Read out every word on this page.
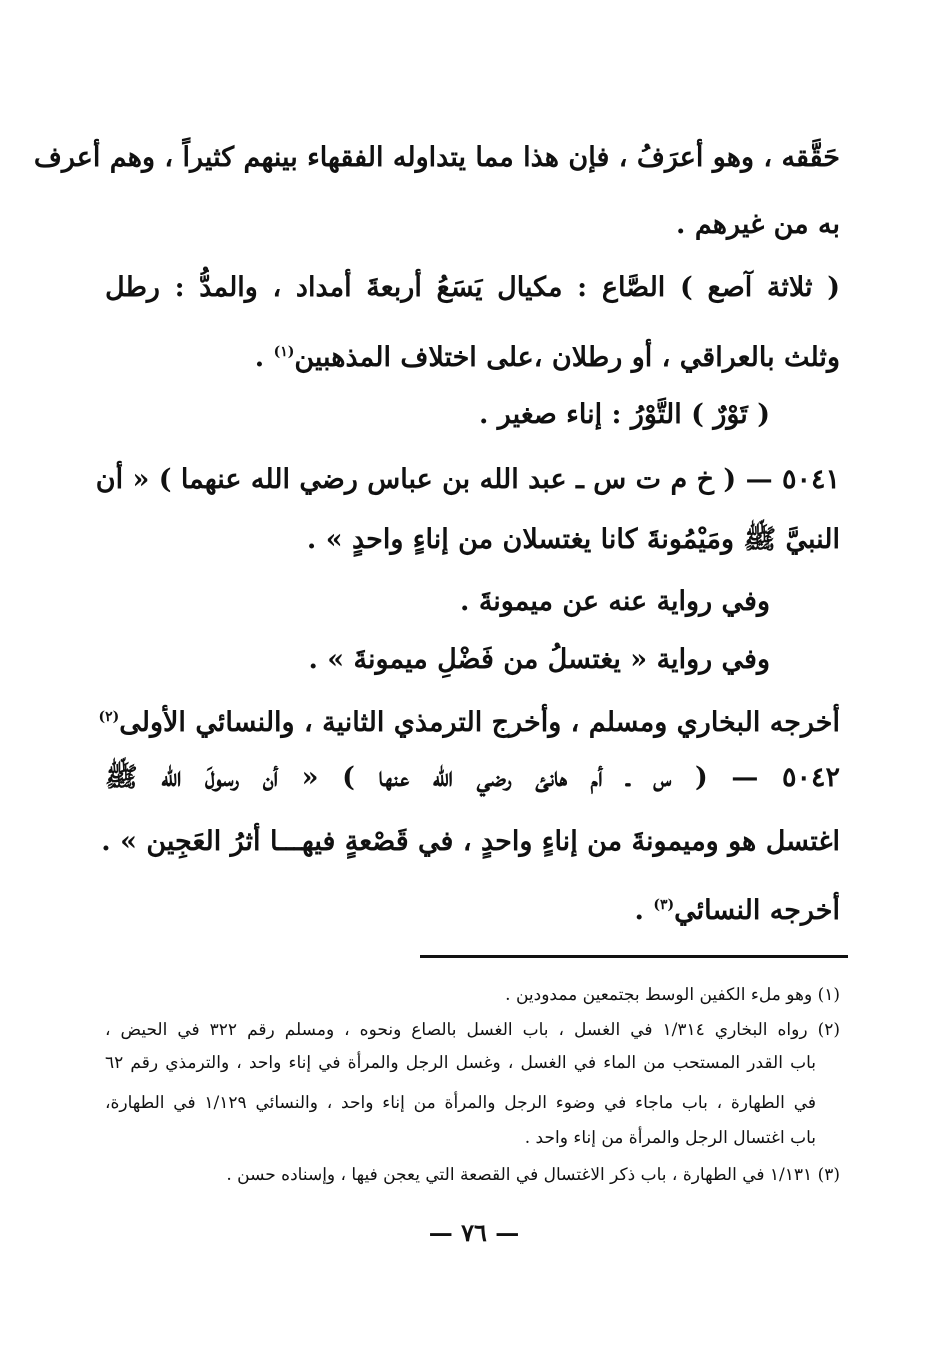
حَقَّقه ، وهو أعرَفُ ، فإن هذا مما يتداوله الفقهاء بينهم كثيراً ، وهم أعرف
به من غيرهم .
( ثلاثة آصع ) الصَّاع : مكيال يَسَعُ أربعةَ أمداد ، والمدُّ : رطل
وثلث بالعراقي ، أو رطلان ،على اختلاف المذهبين$^{(١)}$ .
( تَوْرٌ ) التَّوْرُ : إناء صغير .
٥٠٤١ — ( خ م ت س ـ عبد الله بن عباس رضي الله عنهما ) « أن
النبيَّ ﷺ ومَيْمُونةَ كانا يغتسلان من إناءٍ واحدٍ » .
وفي رواية عنه عن ميمونةَ .
وفي رواية « يغتسلُ من فَضْلِ ميمونةَ » .
أخرجه البخاري ومسلم ، وأخرج الترمذي الثانية ، والنسائي الأولى$^{(٢)}$
٥٠٤٢ — ( س ـ أم هانئ رضي الله عنها ) « أن رسولَ الله ﷺ
اغتسل هو وميمونةَ من إناءٍ واحدٍ ، في قَصْعةٍ فيهـــا أثرُ العَجِين » .
أخرجه النسائي$^{(٣)}$ .
(١) وهو ملء الكفين الوسط بجتمعين ممدودين .
(٢) رواه البخاري ١/٣١٤ في الغسل ، باب الغسل بالصاع ونحوه ، ومسلم رقم ٣٢٢ في الحيض ،
باب القدر المستحب من الماء في الغسل ، وغسل الرجل والمرأة في إناء واحد ، والترمذي رقم ٦٢
في الطهارة ، باب ماجاء في وضوء الرجل والمرأة من إناء واحد ، والنسائي ١/١٢٩ في الطهارة،
باب اغتسال الرجل والمرأة من إناء واحد .
(٣) ١/١٣١ في الطهارة ، باب ذكر الاغتسال في القصعة التي يعجن فيها ، وإسناده حسن .
— ٧٦ —
